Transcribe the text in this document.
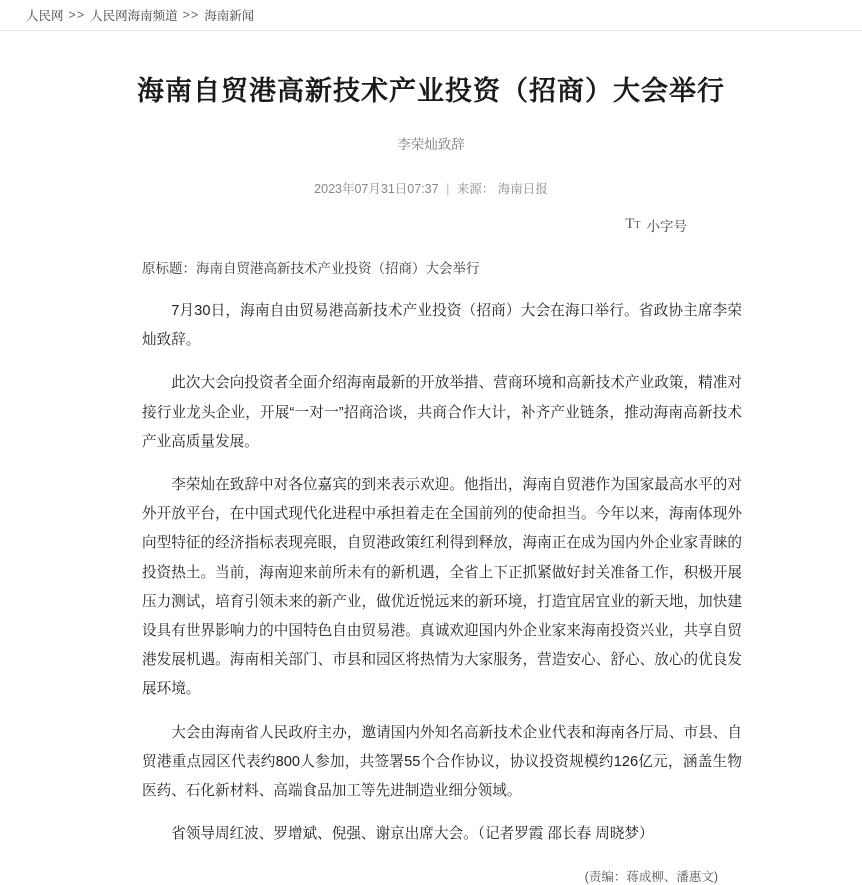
人民网 >> 人民网海南频道 >> 海南新闻
海南自贸港高新技术产业投资（招商）大会举行
李荣灿致辞
2023年07月31日07:37 | 来源： 海南日报
T T 小字号
原标题：海南自贸港高新技术产业投资（招商）大会举行

7月30日，海南自由贸易港高新技术产业投资（招商）大会在海口举行。省政协主席李荣灿致辞。

此次大会向投资者全面介绍海南最新的开放举措、营商环境和高新技术产业政策，精准对接行业龙头企业，开展“一对一”招商洽谈，共商合作大计，补齐产业链条，推动海南高新技术产业高质量发展。

李荣灿在致辞中对各位嘉宾的到来表示欢迎。他指出，海南自贸港作为国家最高水平的对外开放平台，在中国式现代化进程中承担着走在全国前列的使命担当。今年以来，海南体现外向型特征的经济指标表现亮眼，自贸港政策红利得到释放，海南正在成为国内外企业家青睐的投资热土。当前，海南迎来前所未有的新机遇，全省上下正抓紧做好封关准备工作，积极开展压力测试，培育引领未来的新产业，做优近悦远来的新环境，打造宜居宜业的新天地，加快建设具有世界影响力的中国特色自由贸易港。真诚欢迎国内外企业家来海南投资兴业，共享自贸港发展机遇。海南相关部门、市县和园区将热情为大家服务，营造安心、舒心、放心的优良发展环境。

大会由海南省人民政府主办，邀请国内外知名高新技术企业代表和海南各厅局、市县、自贸港重点园区代表约800人参加，共签署55个合作协议，协议投资规模约126亿元，涵盖生物医药、石化新材料、高端食品加工等先进制造业细分领域。

省领导周红波、罗增斌、倪强、谢京出席大会。（记者罗霞 邵长春 周晓梦）

(责编：蒋成柳、潘惠文)
